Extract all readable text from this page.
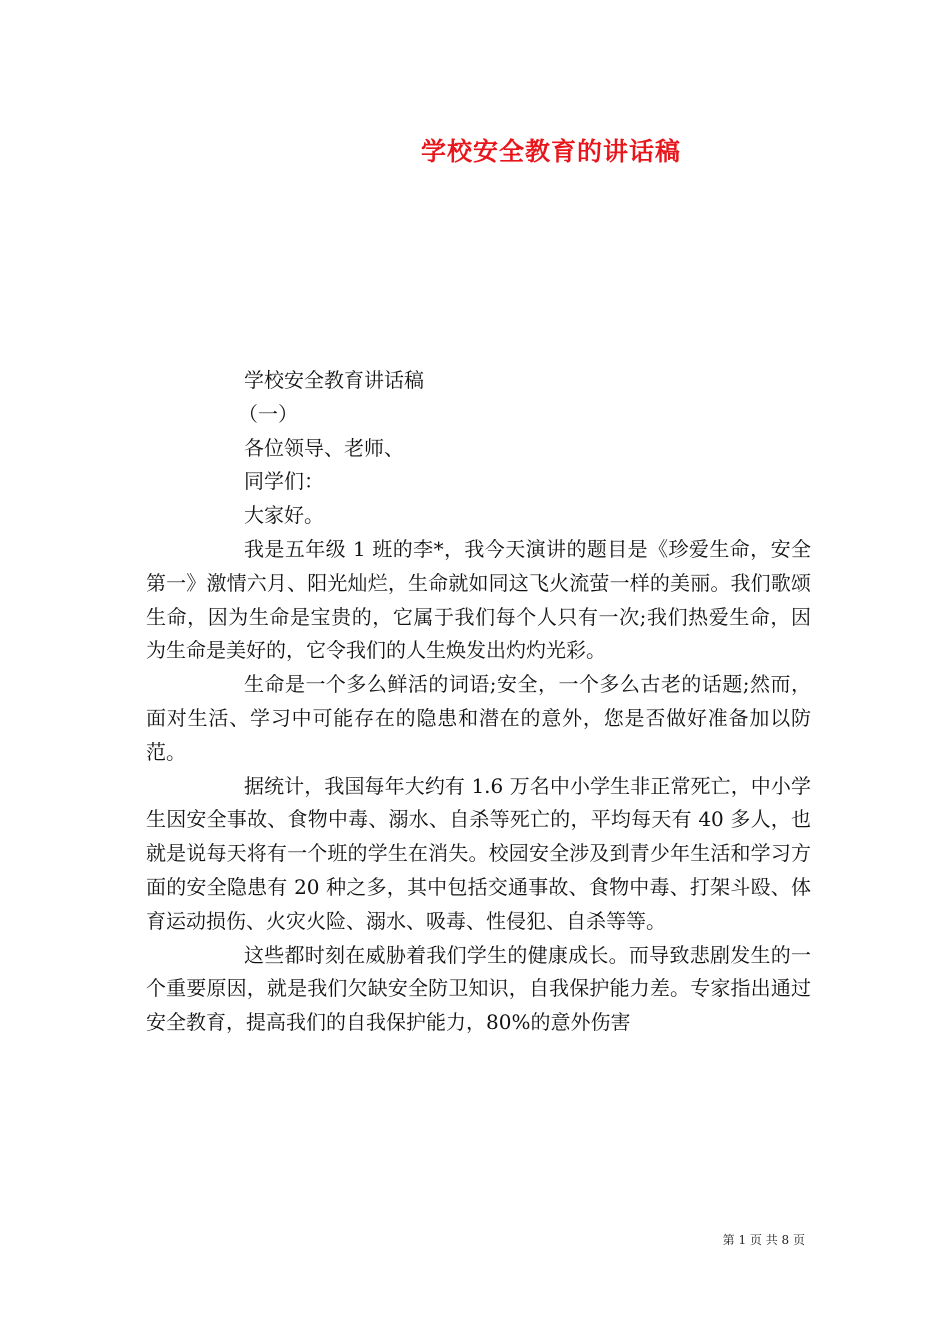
学校安全教育的讲话稿
学校安全教育讲话稿
（一）
各位领导、老师、
同学们：
大家好。

我是五年级 1 班的李*，我今天演讲的题目是《珍爱生命，安全第一》激情六月、阳光灿烂，生命就如同这飞火流萤一样的美丽。我们歌颂生命，因为生命是宝贵的，它属于我们每个人只有一次;我们热爱生命，因为生命是美好的，它令我们的人生焕发出灼灼光彩。

生命是一个多么鲜活的词语;安全，一个多么古老的话题;然而，面对生活、学习中可能存在的隐患和潜在的意外，您是否做好准备加以防范。

据统计，我国每年大约有 1.6 万名中小学生非正常死亡，中小学生因安全事故、食物中毒、溺水、自杀等死亡的，平均每天有 40 多人，也就是说每天将有一个班的学生在消失。校园安全涉及到青少年生活和学习方面的安全隐患有 20 种之多，其中包括交通事故、食物中毒、打架斗殴、体育运动损伤、火灾火险、溺水、吸毒、性侵犯、自杀等等。

这些都时刻在威胁着我们学生的健康成长。而导致悲剧发生的一个重要原因，就是我们欠缺安全防卫知识，自我保护能力差。专家指出通过安全教育，提高我们的自我保护能力，80%的意外伤害

第 1 页 共 8 页
